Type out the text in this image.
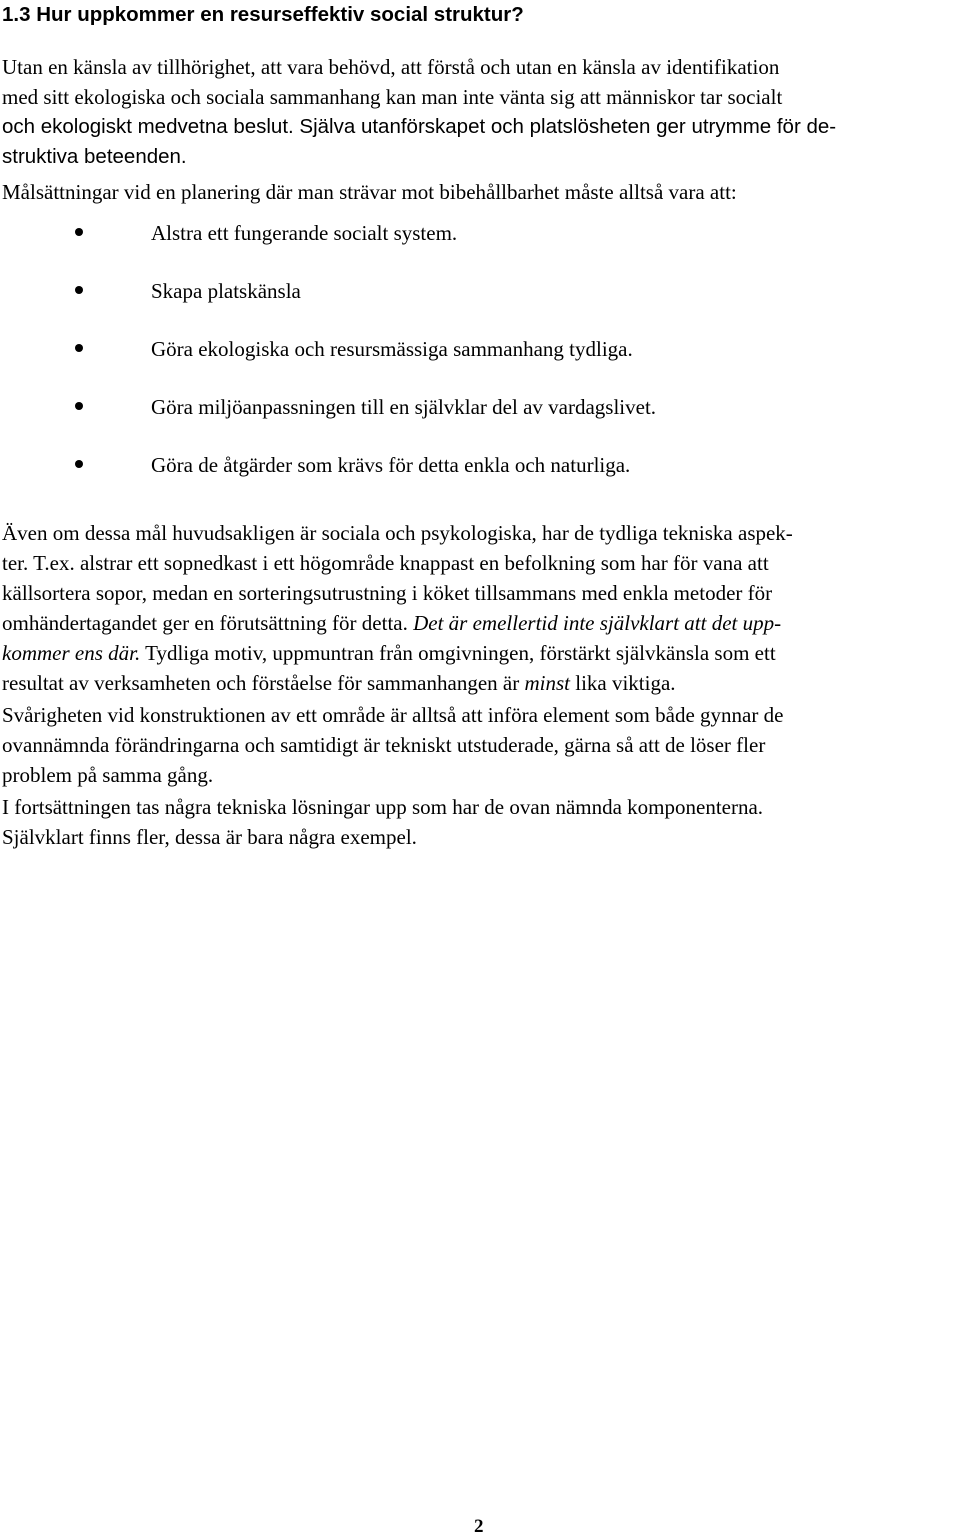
1.3 Hur uppkommer en resurseffektiv social struktur?

Utan en känsla av tillhörighet, att vara behövd, att förstå och utan en känsla av identifikation
med sitt ekologiska och sociala sammanhang kan man inte vänta sig att människor tar socialt
och ekologiskt medvetna beslut. Själva utanförskapet och platslösheten ger utrymme för de-
struktiva beteenden.

Målsättningar vid en planering där man strävar mot bibehållbarhet måste alltså vara att:

Alstra ett fungerande socialt system.
Skapa platskänsla
Göra ekologiska och resursmässiga sammanhang tydliga.
Göra miljöanpassningen till en självklar del av vardagslivet.
Göra de åtgärder som krävs för detta enkla och naturliga.

Även om dessa mål huvudsakligen är sociala och psykologiska, har de tydliga tekniska aspek-
ter. T.ex. alstrar ett sopnedkast i ett högområde knappast en befolkning som har för vana att
källsortera sopor, medan en sorteringsutrustning i köket tillsammans med enkla metoder för
omhändertagandet ger en förutsättning för detta. Det är emellertid inte självklart att det upp-
kommer ens där. Tydliga motiv, uppmuntran från omgivningen, förstärkt självkänsla som ett
resultat av verksamheten och förståelse för sammanhangen är minst lika viktiga.

Svårigheten vid konstruktionen av ett område är alltså att införa element som både gynnar de
ovannämnda förändringarna och samtidigt är tekniskt utstuderade, gärna så att de löser fler
problem på samma gång.

I fortsättningen tas några tekniska lösningar upp som har de ovan nämnda komponenterna.
Självklart finns fler, dessa är bara några exempel.

2
